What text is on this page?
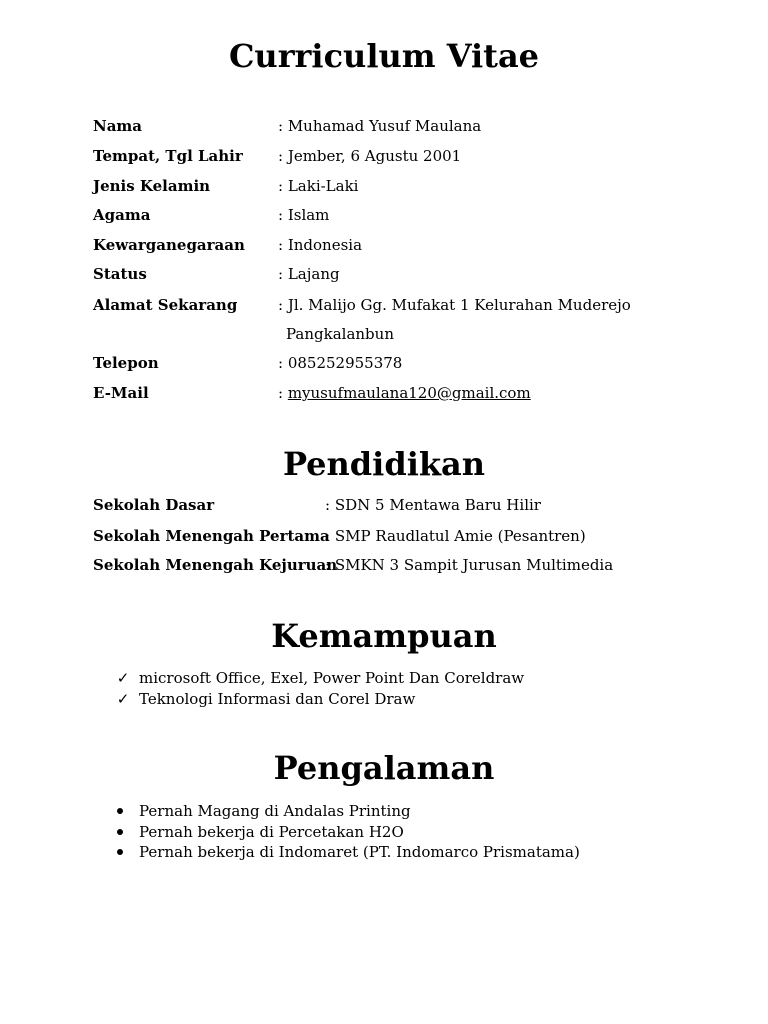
Curriculum Vitae
Nama	: Muhamad Yusuf Maulana
Tempat, Tgl Lahir : Jember, 6 Agustu 2001
Jenis Kelamin	: Laki-Laki
Agama	: Islam
Kewarganegaraan : Indonesia
Status	: Lajang
Alamat Sekarang	: Jl. Malijo Gg. Mufakat 1 Kelurahan Muderejo
Pangkalanbun
Telepon	: 085252955378
E-Mail	: myusufmaulana120@gmail.com
Pendidikan
Sekolah Dasar	: SDN 5 Mentawa Baru Hilir
Sekolah Menengah Pertama
: SMP Raudlatul Amie (Pesantren)
Sekolah Menengah Kejuruan
: SMKN 3 Sampit Jurusan Multimedia
Kemampuan
✓ microsoft Office, Exel, Power Point Dan Coreldraw
✓ Teknologi Informasi dan Corel Draw
Pengalaman
Pernah Magang di Andalas Printing
Pernah bekerja di Percetakan H2O
Pernah bekerja di Indomaret (PT. Indomarco Prismatama)
